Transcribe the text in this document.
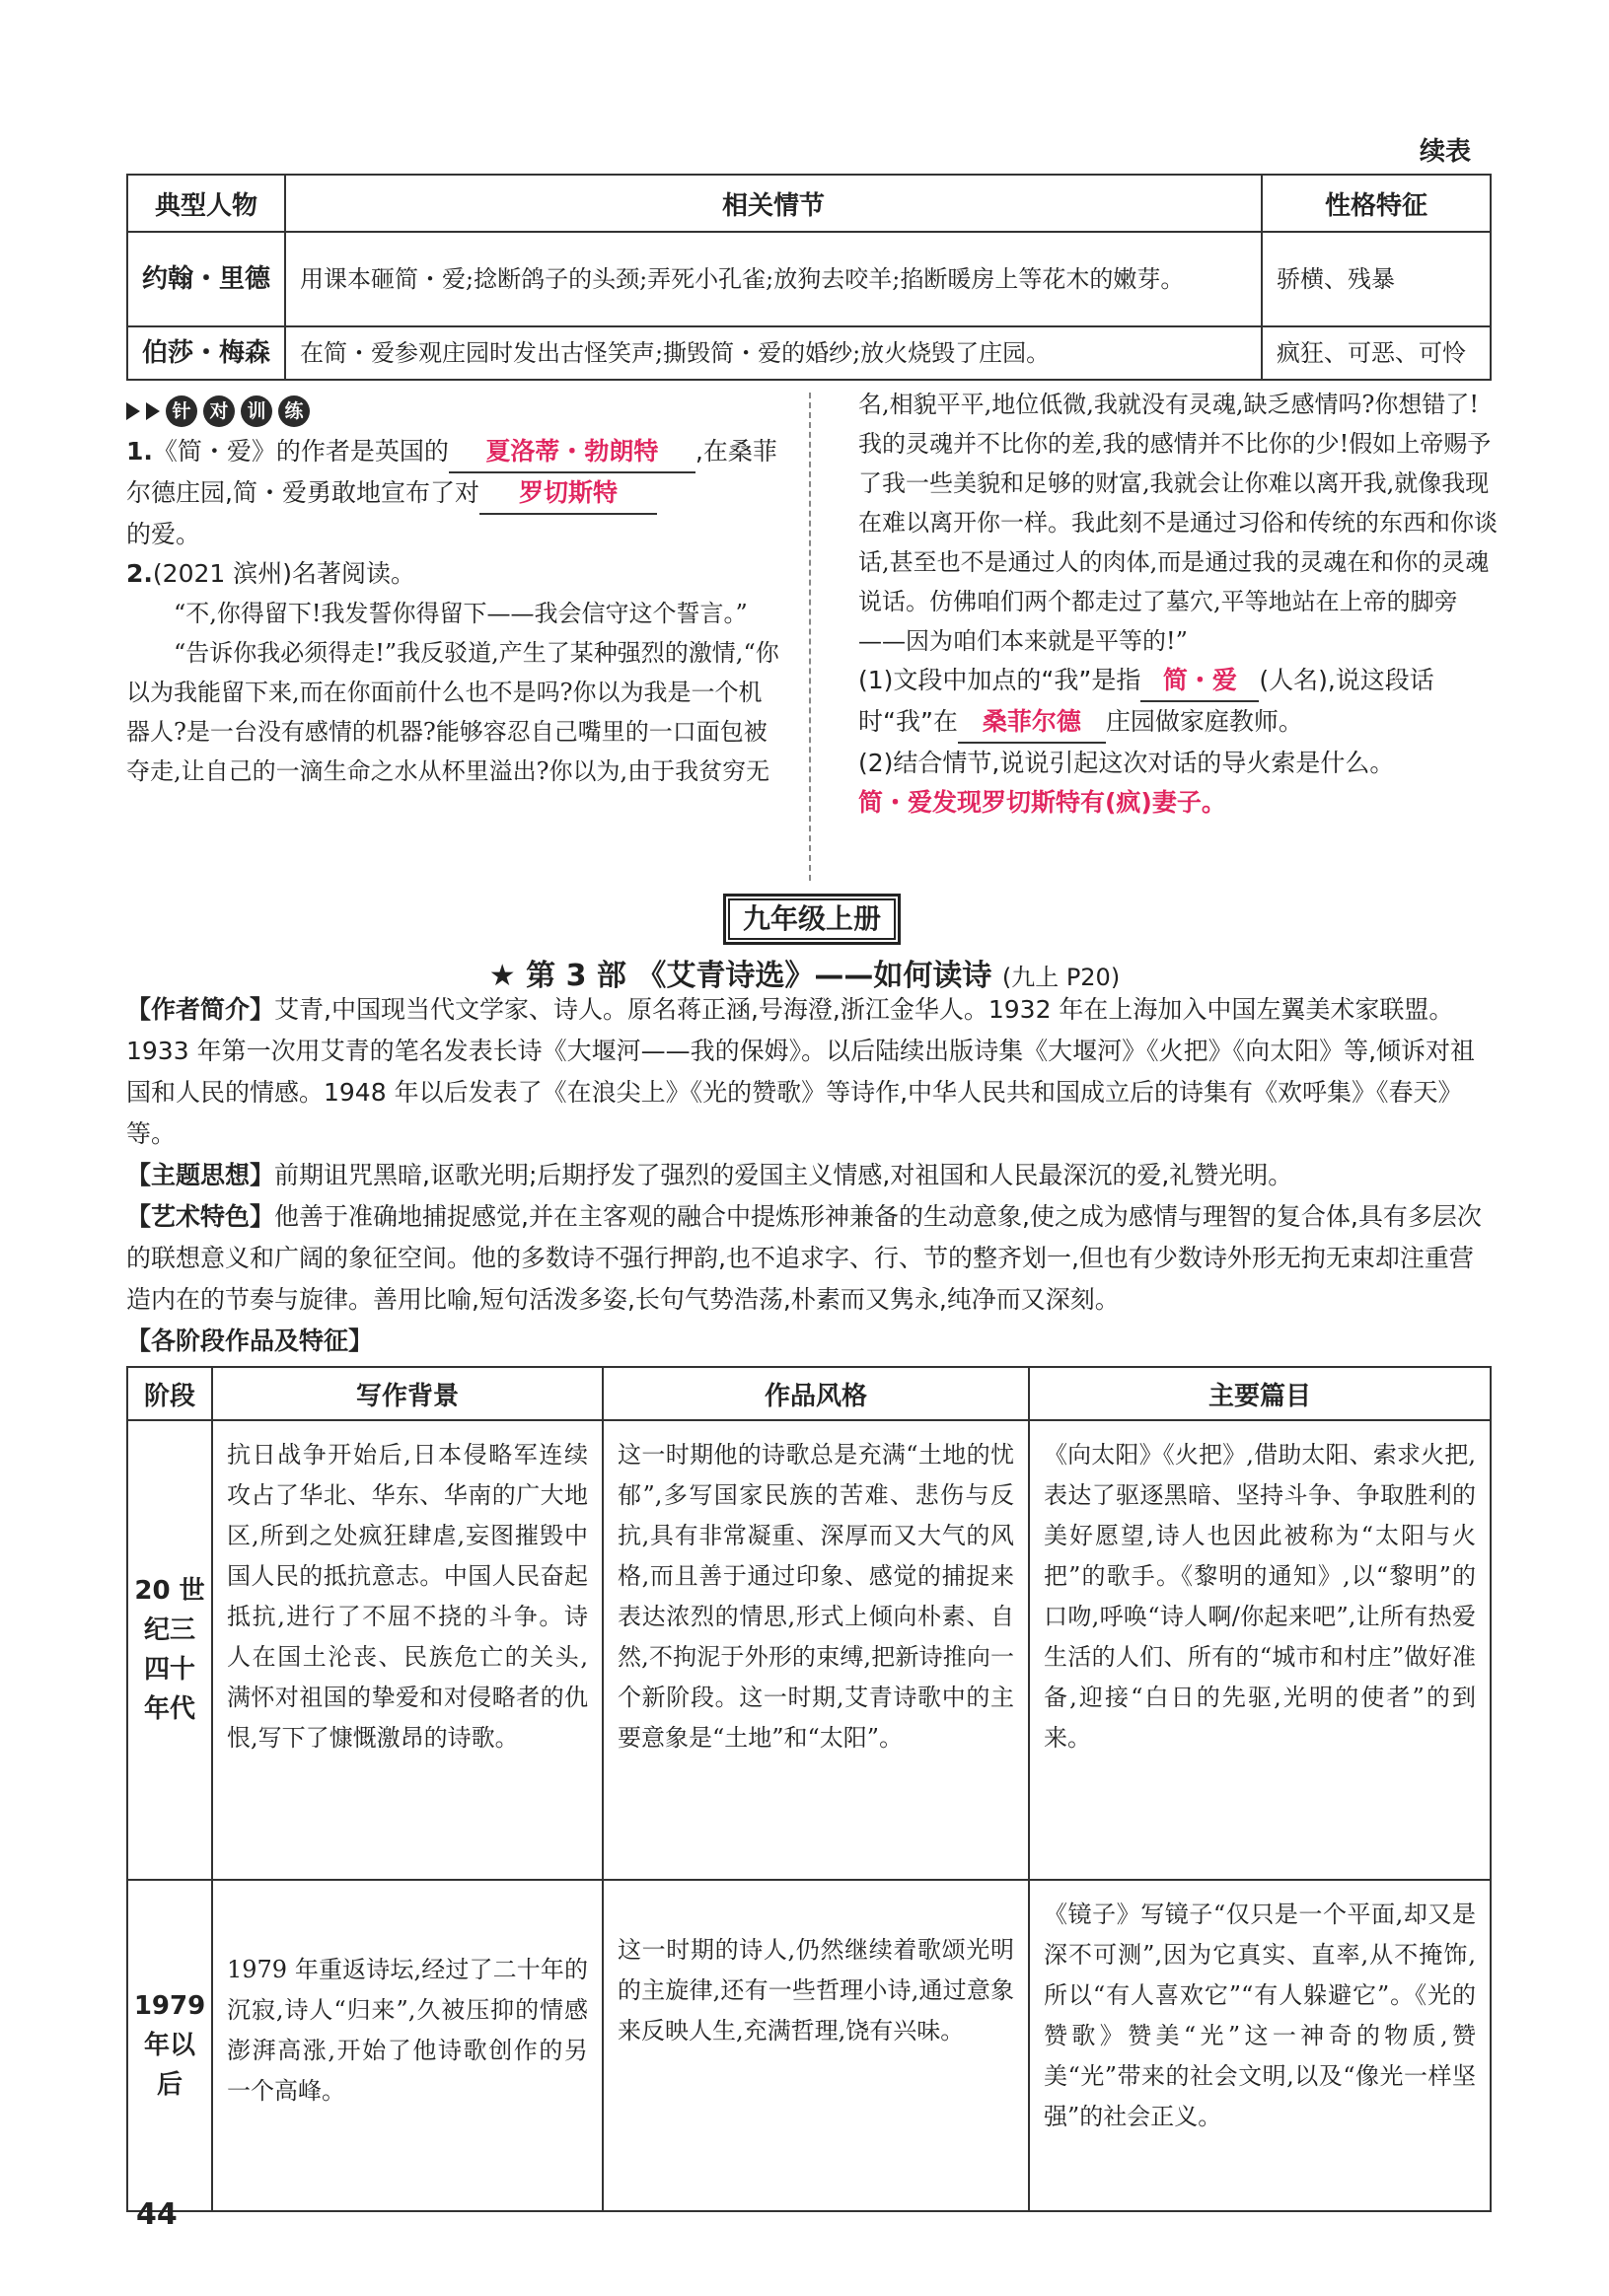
续表
典型人物	相关情节	性格特征
约翰・里德	用课本砸简・爱;捻断鸽子的头颈;弄死小孔雀;放狗去咬羊;掐断暖房上等花木的嫩芽。	骄横、残暴
伯莎・梅森	在简・爱参观庄园时发出古怪笑声;撕毁简・爱的婚纱;放火烧毁了庄园。	疯狂、可恶、可怜
针 对 训 练

1.《简・爱》的作者是英国的 夏洛蒂・勃朗特 ,在桑菲尔德庄园,简・爱勇敢地宣布了对 罗切斯特
的爱。

2.(2021 滨州)名著阅读。

“不,你得留下!我发誓你得留下——我会信守这个誓言。”

“告诉你我必须得走!”我反驳道,产生了某种强烈的激情,“你以为我能留下来,而在你面前什么也不是吗?你以为我是一个机器人?是一台没有感情的机器?能够容忍自己嘴里的一口面包被夺走,让自己的一滴生命之水从杯里溢出?你以为,由于我贫穷无

名,相貌平平,地位低微,我就没有灵魂,缺乏感情吗?你想错了!我的灵魂并不比你的差,我的感情并不比你的少!假如上帝赐予了我一些美貌和足够的财富,我就会让你难以离开我,就像我现在难以离开你一样。我此刻不是通过习俗和传统的东西和你谈话,甚至也不是通过人的肉体,而是通过我的灵魂在和你的灵魂说话。仿佛咱们两个都走过了墓穴,平等地站在上帝的脚旁——因为咱们本来就是平等的!”

(1)文段中加点的“我”是指 简・爱 (人名),说这段话时“我”在 桑菲尔德 庄园做家庭教师。

(2)结合情节,说说引起这次对话的导火索是什么。

简・爱发现罗切斯特有(疯)妻子。

九年级上册
★ 第 3 部 《艾青诗选》——如何读诗 (九上 P20)

【作者简介】艾青,中国现当代文学家、诗人。原名蒋正涵,号海澄,浙江金华人。1932 年在上海加入中国左翼美术家联盟。1933 年第一次用艾青的笔名发表长诗《大堰河——我的保姆》。以后陆续出版诗集《大堰河》《火把》《向太阳》等,倾诉对祖国和人民的情感。1948 年以后发表了《在浪尖上》《光的赞歌》等诗作,中华人民共和国成立后的诗集有《欢呼集》《春天》等。

【主题思想】前期诅咒黑暗,讴歌光明;后期抒发了强烈的爱国主义情感,对祖国和人民最深沉的爱,礼赞光明。

【艺术特色】他善于准确地捕捉感觉,并在主客观的融合中提炼形神兼备的生动意象,使之成为感情与理智的复合体,具有多层次的联想意义和广阔的象征空间。他的多数诗不强行押韵,也不追求字、行、节的整齐划一,但也有少数诗外形无拘无束却注重营造内在的节奏与旋律。善用比喻,短句活泼多姿,长句气势浩荡,朴素而又隽永,纯净而又深刻。

【各阶段作品及特征】

阶段	写作背景	作品风格	主要篇目
20 世纪三四十年代	抗日战争开始后,日本侵略军连续攻占了华北、华东、华南的广大地区,所到之处疯狂肆虐,妄图摧毁中国人民的抵抗意志。中国人民奋起抵抗,进行了不屈不挠的斗争。诗人在国土沦丧、民族危亡的关头,满怀对祖国的挚爱和对侵略者的仇恨,写下了慷慨激昂的诗歌。	这一时期他的诗歌总是充满“土地的忧郁”,多写国家民族的苦难、悲伤与反抗,具有非常凝重、深厚而又大气的风格,而且善于通过印象、感觉的捕捉来表达浓烈的情思,形式上倾向朴素、自然,不拘泥于外形的束缚,把新诗推向一个新阶段。这一时期,艾青诗歌中的主要意象是“土地”和“太阳”。	《向太阳》《火把》,借助太阳、索求火把,表达了驱逐黑暗、坚持斗争、争取胜利的美好愿望,诗人也因此被称为“太阳与火把”的歌手。《黎明的通知》,以“黎明”的口吻,呼唤“诗人啊/你起来吧”,让所有热爱生活的人们、所有的“城市和村庄”做好准备,迎接“白日的先驱,光明的使者”的到来。
1979 年以后	1979 年重返诗坛,经过了二十年的沉寂,诗人“归来”,久被压抑的情感澎湃高涨,开始了他诗歌创作的另一个高峰。	这一时期的诗人,仍然继续着歌颂光明的主旋律,还有一些哲理小诗,通过意象来反映人生,充满哲理,饶有兴味。	《镜子》写镜子“仅只是一个平面,却又是深不可测”,因为它真实、直率,从不掩饰,所以“有人喜欢它”“有人躲避它”。《光的赞歌》赞美“光”这一神奇的物质,赞美“光”带来的社会文明,以及“像光一样坚强”的社会正义。
44
